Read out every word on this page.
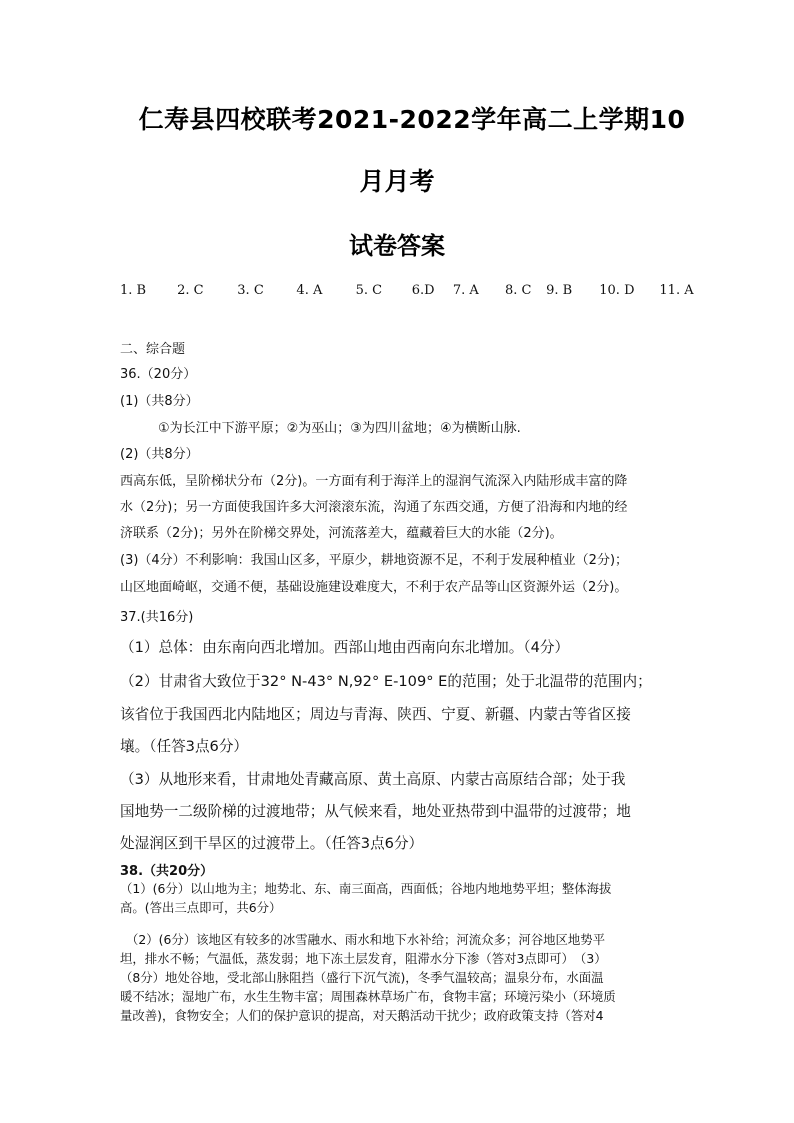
仁寿县四校联考2021-2022学年高二上学期10
月月考
试卷答案
1. B 2. C	3. C	4. A	5. C 6.D 7. A 8. C 9. B 10. D 11. A
二、综合题
36.（20分）
(1)（共8分）
①为长江中下游平原；②为巫山；③为四川盆地；④为横断山脉.
(2)（共8分）
西高东低，呈阶梯状分布（2分)。一方面有利于海洋上的湿润气流深入内陆形成丰富的降
水（2分)；另一方面使我国许多大河滚滚东流，沟通了东西交通，方便了沿海和内地的经
济联系（2分)；另外在阶梯交界处，河流落差大，蕴藏着巨大的水能（2分)。
(3)（4分）不利影响：我国山区多，平原少，耕地资源不足，不利于发展种植业（2分)；
山区地面崎岖，交通不便，基础设施建设难度大，不利于农产品等山区资源外运（2分)。
37.(共16分)
（1）总体：由东南向西北增加。西部山地由西南向东北增加。（4分）
（2）甘肃省大致位于32° N-43° N,92° E-109° E的范围；处于北温带的范围内；
该省位于我国西北内陆地区；周边与青海、陕西、宁夏、新疆、内蒙古等省区接
壤。（任答3点6分）
（3）从地形来看，甘肃地处青藏高原、黄土高原、内蒙古高原结合部；处于我
国地势一二级阶梯的过渡地带；从气候来看，地处亚热带到中温带的过渡带；地
处湿润区到干旱区的过渡带上。（任答3点6分）
38.（共20分）
（1）(6分）以山地为主；地势北、东、南三面高，西面低；谷地内地地势平坦；整体海拔
高。(答出三点即可，共6分）
（2）(6分）该地区有较多的冰雪融水、雨水和地下水补给；河流众多；河谷地区地势平
坦，排水不畅；气温低，蒸发弱；地下冻土层发育，阻滞水分下渗（答对3点即可）　（3）
（8分）地处谷地，受北部山脉阻挡（盛行下沉气流)，冬季气温较高；温泉分布，水面温
暖不结冰；湿地广布，水生生物丰富；周围森林草场广布，食物丰富；环境污染小（环境质
量改善)，食物安全；人们的保护意识的提高，对天鹅活动干扰少；政府政策支持（答对4
